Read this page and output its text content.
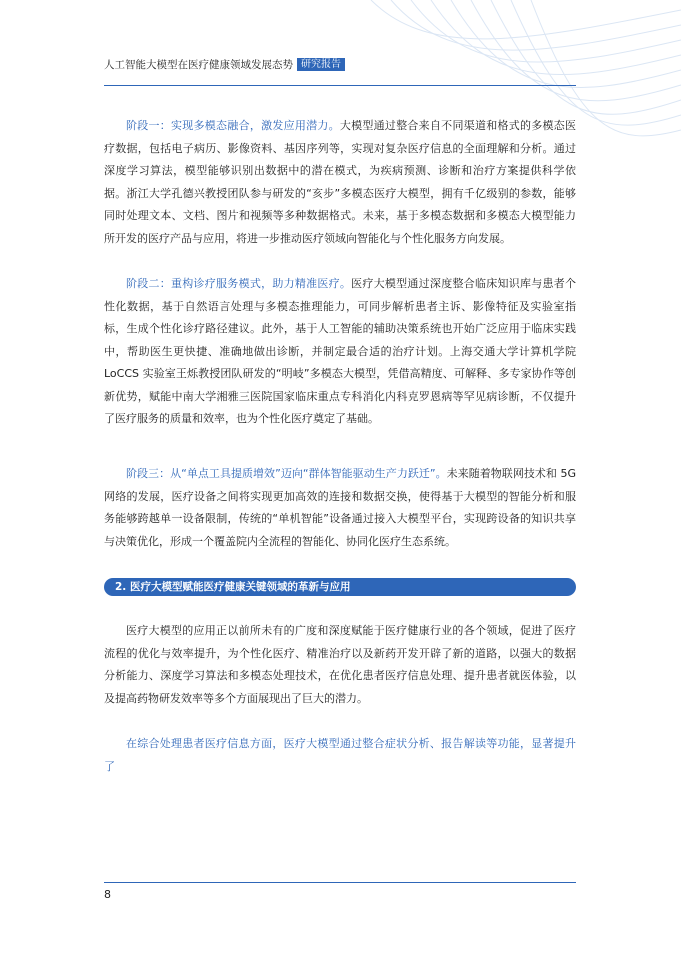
人工智能大模型在医疗健康领域发展态势 研究报告

阶段一：实现多模态融合，激发应用潜力。大模型通过整合来自不同渠道和格式的多模态医疗数据，包括电子病历、影像资料、基因序列等，实现对复杂医疗信息的全面理解和分析。通过深度学习算法，模型能够识别出数据中的潜在模式，为疾病预测、诊断和治疗方案提供科学依据。浙江大学孔德兴教授团队参与研发的“亥步”多模态医疗大模型，拥有千亿级别的参数，能够同时处理文本、文档、图片和视频等多种数据格式。未来，基于多模态数据和多模态大模型能力所开发的医疗产品与应用，将进一步推动医疗领域向智能化与个性化服务方向发展。

阶段二：重构诊疗服务模式，助力精准医疗。医疗大模型通过深度整合临床知识库与患者个性化数据，基于自然语言处理与多模态推理能力，可同步解析患者主诉、影像特征及实验室指标，生成个性化诊疗路径建议。此外，基于人工智能的辅助决策系统也开始广泛应用于临床实践中，帮助医生更快捷、准确地做出诊断，并制定最合适的治疗计划。上海交通大学计算机学院 LoCCS 实验室王烁教授团队研发的“明岐”多模态大模型，凭借高精度、可解释、多专家协作等创新优势，赋能中南大学湘雅三医院国家临床重点专科消化内科克罗恩病等罕见病诊断，不仅提升了医疗服务的质量和效率，也为个性化医疗奠定了基础。

阶段三：从“单点工具提质增效”迈向“群体智能驱动生产力跃迁”。未来随着物联网技术和 5G 网络的发展，医疗设备之间将实现更加高效的连接和数据交换，使得基于大模型的智能分析和服务能够跨越单一设备限制，传统的“单机智能”设备通过接入大模型平台，实现跨设备的知识共享与决策优化，形成一个覆盖院内全流程的智能化、协同化医疗生态系统。

2. 医疗大模型赋能医疗健康关键领域的革新与应用

医疗大模型的应用正以前所未有的广度和深度赋能于医疗健康行业的各个领域，促进了医疗流程的优化与效率提升，为个性化医疗、精准治疗以及新药开发开辟了新的道路，以强大的数据分析能力、深度学习算法和多模态处理技术，在优化患者医疗信息处理、提升患者就医体验，以及提高药物研发效率等多个方面展现出了巨大的潜力。

在综合处理患者医疗信息方面，医疗大模型通过整合症状分析、报告解读等功能，显著提升了

8
